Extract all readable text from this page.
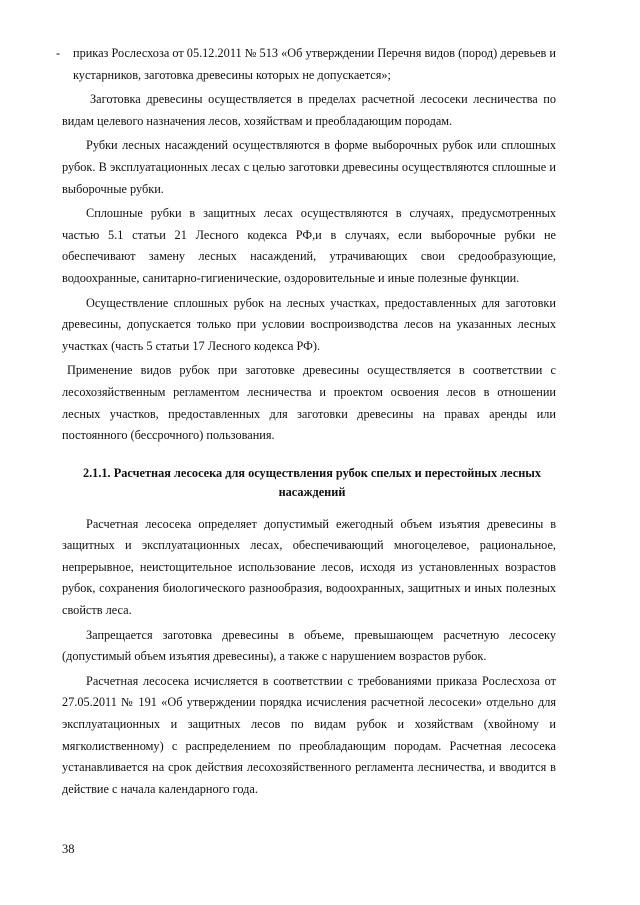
- приказ Рослесхоза от 05.12.2011 № 513 «Об утверждении Перечня видов (пород) деревьев и кустарников, заготовка древесины которых не допускается»;

Заготовка древесины осуществляется в пределах расчетной лесосеки лесничества по видам целевого назначения лесов, хозяйствам и преобладающим породам.

Рубки лесных насаждений осуществляются в форме выборочных рубок или сплошных рубок. В эксплуатационных лесах с целью заготовки древесины осуществляются сплошные и выборочные рубки.

Сплошные рубки в защитных лесах осуществляются в случаях, предусмотренных частью 5.1 статьи 21 Лесного кодекса РФ,и в случаях, если выборочные рубки не обеспечивают замену лесных насаждений, утрачивающих свои средообразующие, водоохранные, санитарно-гигиенические, оздоровительные и иные полезные функции.

Осуществление сплошных рубок на лесных участках, предоставленных для заготовки древесины, допускается только при условии воспроизводства лесов на указанных лесных участках (часть 5 статьи 17 Лесного кодекса РФ).

Применение видов рубок при заготовке древесины осуществляется в соответствии с лесохозяйственным регламентом лесничества и проектом освоения лесов в отношении лесных участков, предоставленных для заготовки древесины на правах аренды или постоянного (бессрочного) пользования.

2.1.1. Расчетная лесосека для осуществления рубок спелых и перестойных лесных насаждений

Расчетная лесосека определяет допустимый ежегодный объем изъятия древесины в защитных и эксплуатационных лесах, обеспечивающий многоцелевое, рациональное, непрерывное, неистощительное использование лесов, исходя из установленных возрастов рубок, сохранения биологического разнообразия, водоохранных, защитных и иных полезных свойств леса.

Запрещается заготовка древесины в объеме, превышающем расчетную лесосеку (допустимый объем изъятия древесины), а также с нарушением возрастов рубок.

Расчетная лесосека исчисляется в соответствии с требованиями приказа Рослесхоза от 27.05.2011 № 191 «Об утверждении порядка исчисления расчетной лесосеки» отдельно для эксплуатационных и защитных лесов по видам рубок и хозяйствам (хвойному и мягколиственному) с распределением по преобладающим породам. Расчетная лесосека устанавливается на срок действия лесохозяйственного регламента лесничества, и вводится в действие с начала календарного года.

38
